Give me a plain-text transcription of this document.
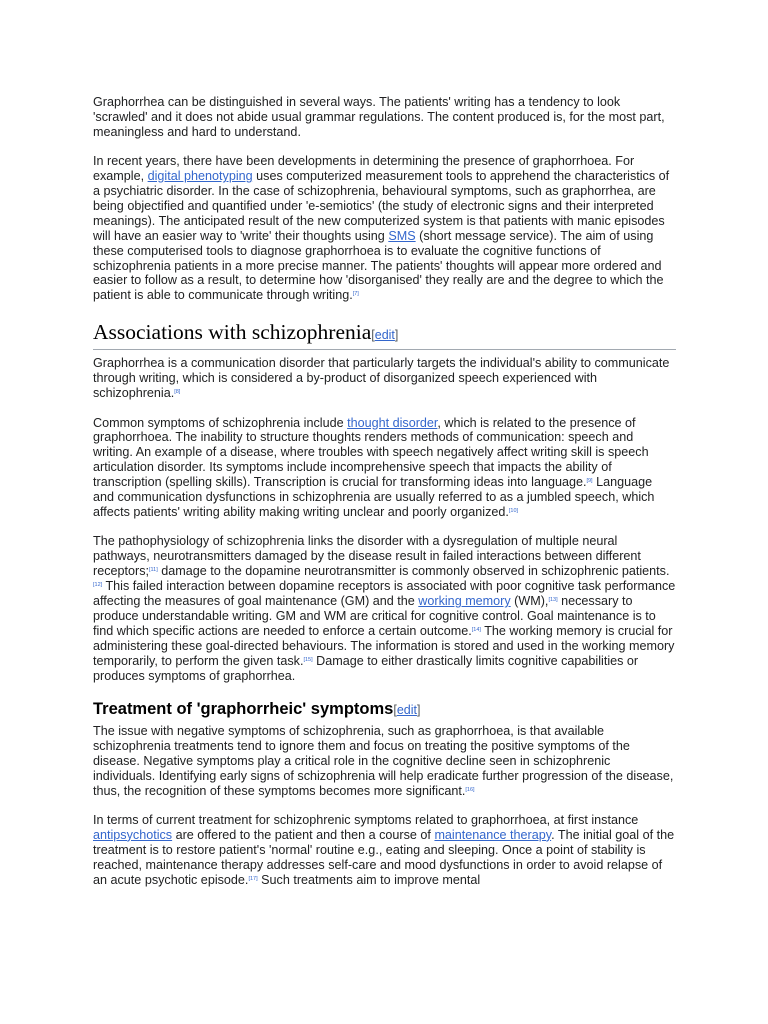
Graphorrhea can be distinguished in several ways. The patients' writing has a tendency to look 'scrawled' and it does not abide usual grammar regulations. The content produced is, for the most part, meaningless and hard to understand.

In recent years, there have been developments in determining the presence of graphorrhoea. For example, digital phenotyping uses computerized measurement tools to apprehend the characteristics of a psychiatric disorder. In the case of schizophrenia, behavioural symptoms, such as graphorrhea, are being objectified and quantified under 'e-semiotics' (the study of electronic signs and their interpreted meanings). The anticipated result of the new computerized system is that patients with manic episodes will have an easier way to 'write' their thoughts using SMS (short message service). The aim of using these computerised tools to diagnose graphorrhoea is to evaluate the cognitive functions of schizophrenia patients in a more precise manner. The patients' thoughts will appear more ordered and easier to follow as a result, to determine how 'disorganised' they really are and the degree to which the patient is able to communicate through writing.[7]

Associations with schizophrenia[edit]

Graphorrhea is a communication disorder that particularly targets the individual's ability to communicate through writing, which is considered a by-product of disorganized speech experienced with schizophrenia.[8]

Common symptoms of schizophrenia include thought disorder, which is related to the presence of graphorrhoea. The inability to structure thoughts renders methods of communication: speech and writing. An example of a disease, where troubles with speech negatively affect writing skill is speech articulation disorder. Its symptoms include incomprehensive speech that impacts the ability of transcription (spelling skills). Transcription is crucial for transforming ideas into language.[9] Language and communication dysfunctions in schizophrenia are usually referred to as a jumbled speech, which affects patients' writing ability making writing unclear and poorly organized.[10]

The pathophysiology of schizophrenia links the disorder with a dysregulation of multiple neural pathways, neurotransmitters damaged by the disease result in failed interactions between different receptors;[11] damage to the dopamine neurotransmitter is commonly observed in schizophrenic patients.[12] This failed interaction between dopamine receptors is associated with poor cognitive task performance affecting the measures of goal maintenance (GM) and the working memory (WM),[13] necessary to produce understandable writing. GM and WM are critical for cognitive control. Goal maintenance is to find which specific actions are needed to enforce a certain outcome.[14] The working memory is crucial for administering these goal-directed behaviours. The information is stored and used in the working memory temporarily, to perform the given task.[15] Damage to either drastically limits cognitive capabilities or produces symptoms of graphorrhea.

Treatment of 'graphorrheic' symptoms[edit]

The issue with negative symptoms of schizophrenia, such as graphorrhoea, is that available schizophrenia treatments tend to ignore them and focus on treating the positive symptoms of the disease. Negative symptoms play a critical role in the cognitive decline seen in schizophrenic individuals. Identifying early signs of schizophrenia will help eradicate further progression of the disease, thus, the recognition of these symptoms becomes more significant.[16]

In terms of current treatment for schizophrenic symptoms related to graphorrhoea, at first instance antipsychotics are offered to the patient and then a course of maintenance therapy. The initial goal of the treatment is to restore patient's 'normal' routine e.g., eating and sleeping. Once a point of stability is reached, maintenance therapy addresses self-care and mood dysfunctions in order to avoid relapse of an acute psychotic episode.[17] Such treatments aim to improve mental
